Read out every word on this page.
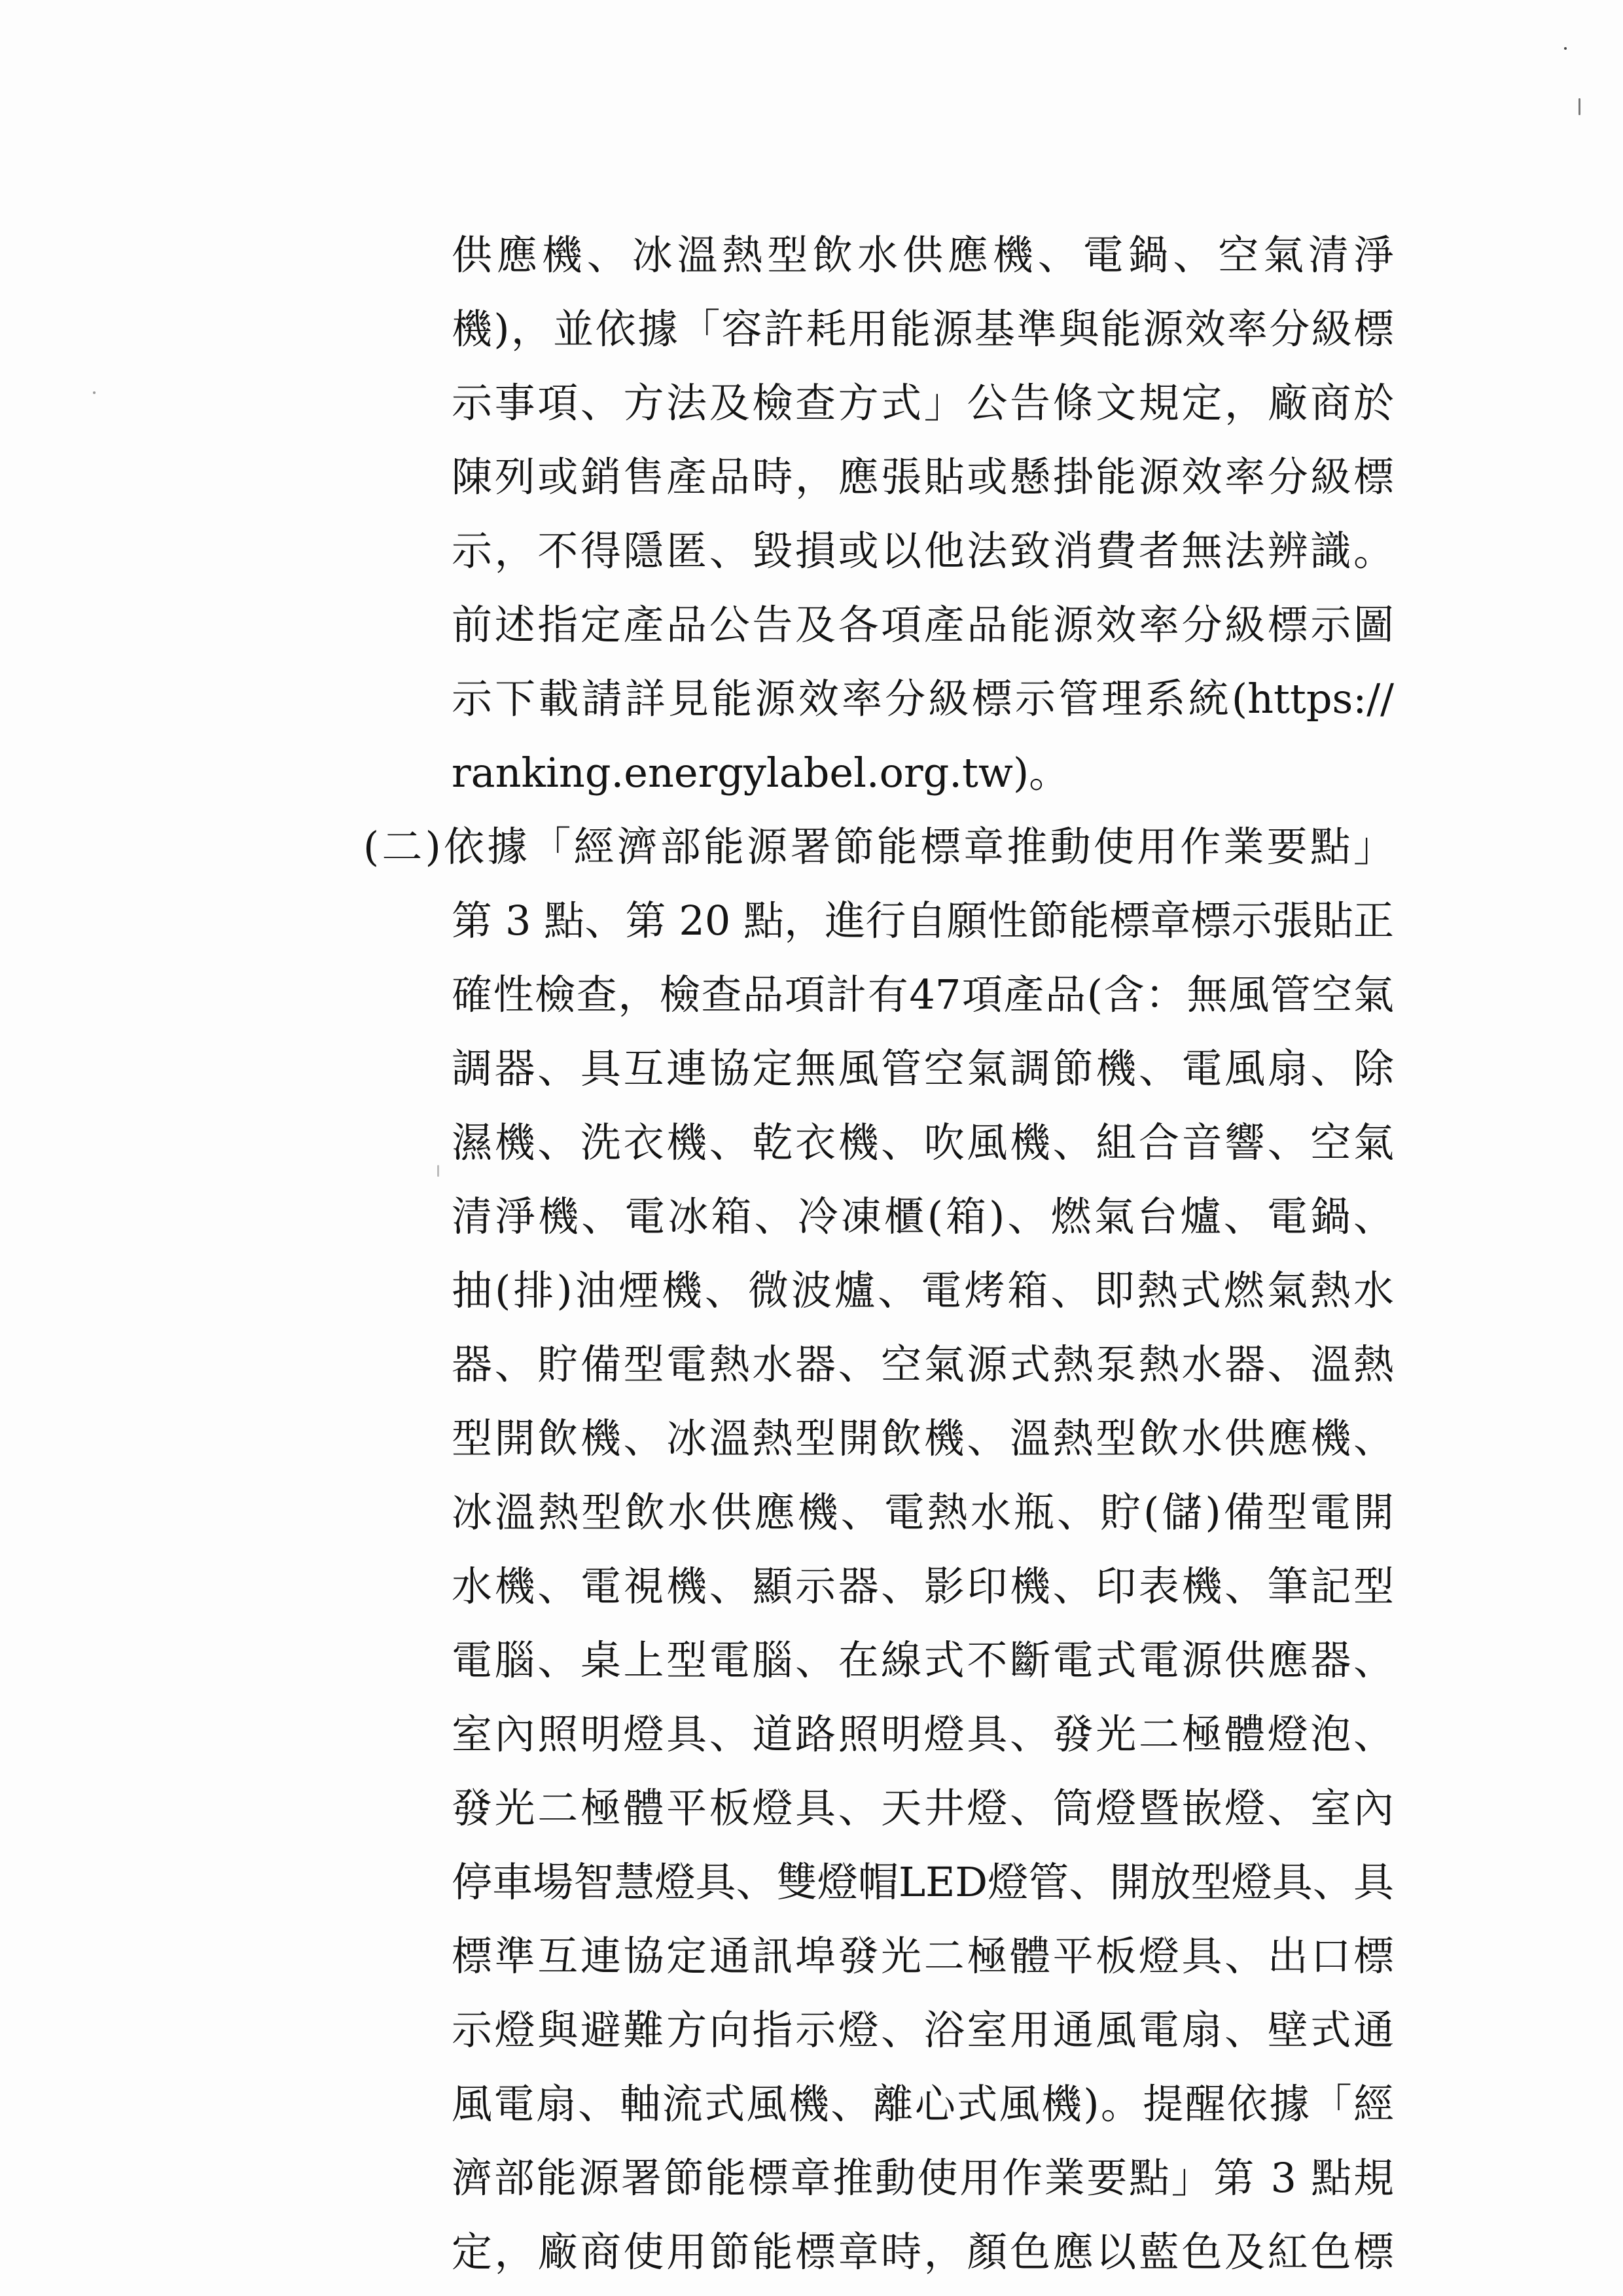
供應機、冰溫熱型飲水供應機、電鍋、空氣清淨
機)，並依據「容許耗用能源基準與能源效率分級標
示事項、方法及檢查方式」公告條文規定，廠商於
陳列或銷售產品時，應張貼或懸掛能源效率分級標
示，不得隱匿、毀損或以他法致消費者無法辨識。
前述指定產品公告及各項產品能源效率分級標示圖
示下載請詳見能源效率分級標示管理系統(https://
ranking.energylabel.org.tw)。
(二)依據「經濟部能源署節能標章推動使用作業要點」
第 3 點、第 20 點，進行自願性節能標章標示張貼正
確性檢查，檢查品項計有47項產品(含：無風管空氣
調器、具互連協定無風管空氣調節機、電風扇、除
濕機、洗衣機、乾衣機、吹風機、組合音響、空氣
清淨機、電冰箱、冷凍櫃(箱)、燃氣台爐、電鍋、
抽(排)油煙機、微波爐、電烤箱、即熱式燃氣熱水
器、貯備型電熱水器、空氣源式熱泵熱水器、溫熱
型開飲機、冰溫熱型開飲機、溫熱型飲水供應機、
冰溫熱型飲水供應機、電熱水瓶、貯(儲)備型電開
水機、電視機、顯示器、影印機、印表機、筆記型
電腦、桌上型電腦、在線式不斷電式電源供應器、
室內照明燈具、道路照明燈具、發光二極體燈泡、
發光二極體平板燈具、天井燈、筒燈暨嵌燈、室內
停車場智慧燈具、雙燈帽LED燈管、開放型燈具、具
標準互連協定通訊埠發光二極體平板燈具、出口標
示燈與避難方向指示燈、浴室用通風電扇、壁式通
風電扇、軸流式風機、離心式風機)。提醒依據「經
濟部能源署節能標章推動使用作業要點」第 3 點規
定，廠商使用節能標章時，顏色應以藍色及紅色標
